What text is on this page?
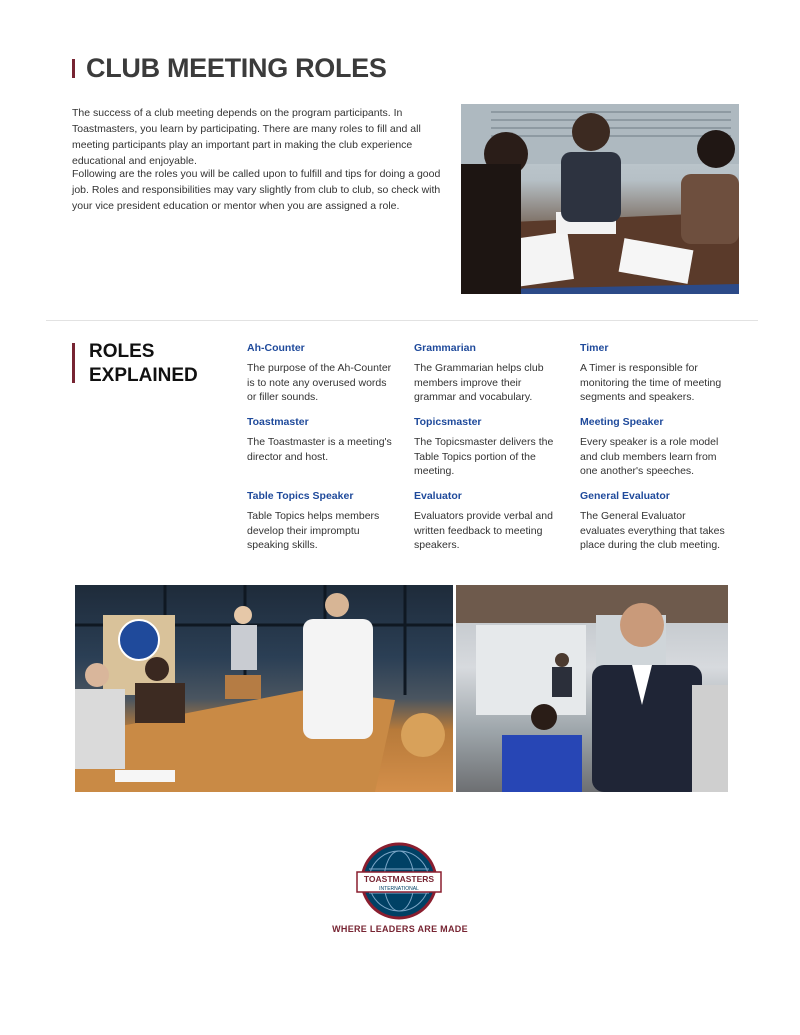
CLUB MEETING ROLES

The success of a club meeting depends on the program participants. In Toastmasters, you learn by participating. There are many roles to fill and all meeting participants play an important part in making the club experience educational and enjoyable.

Following are the roles you will be called upon to fulfill and tips for doing a good job. Roles and responsibilities may vary slightly from club to club, so check with your vice president education or mentor when you are assigned a role.

ROLES
EXPLAINED

Ah-Counter

The purpose of the Ah-Counter is to note any overused words or filler sounds.

Grammarian

The Grammarian helps club members improve their grammar and vocabulary.

Timer

A Timer is responsible for monitoring the time of meeting segments and speakers.

Toastmaster

The Toastmaster is a meeting's director and host.

Topicsmaster

The Topicsmaster delivers the Table Topics portion of the meeting.

Meeting Speaker

Every speaker is a role model and club members learn from one another's speeches.

Table Topics Speaker

Table Topics helps members develop their impromptu speaking skills.

Evaluator

Evaluators provide verbal and written feedback to meeting speakers.

General Evaluator

The General Evaluator evaluates everything that takes place during the club meeting.

TOASTMASTERS
INTERNATIONAL

WHERE LEADERS ARE MADE
